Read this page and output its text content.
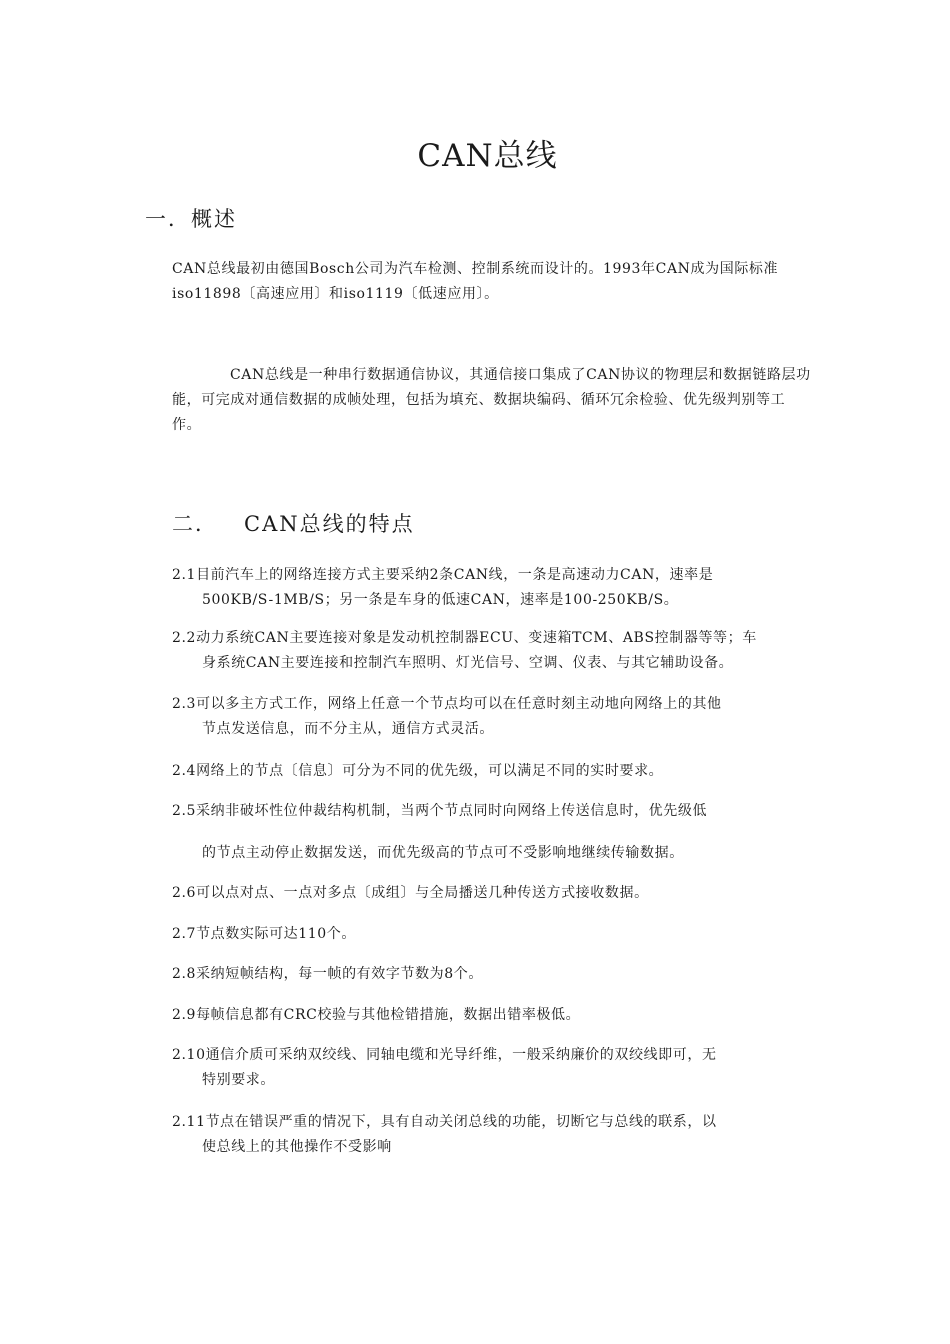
CAN总线
一．概述

CAN总线最初由德国Bosch公司为汽车检测、控制系统而设计的。1993年CAN成为国际标准iso11898〔高速应用〕和iso1119〔低速应用〕。

CAN总线是一种串行数据通信协议，其通信接口集成了CAN协议的物理层和数据链路层功能，可完成对通信数据的成帧处理，包括为填充、数据块编码、循环冗余检验、优先级判别等工作。

二． CAN总线的特点

2.1目前汽车上的网络连接方式主要采纳2条CAN线，一条是高速动力CAN，速率是
500KB/S-1MB/S；另一条是车身的低速CAN，速率是100-250KB/S。

2.2动力系统CAN主要连接对象是发动机控制器ECU、变速箱TCM、ABS控制器等等；车
身系统CAN主要连接和控制汽车照明、灯光信号、空调、仪表、与其它辅助设备。

2.3可以多主方式工作，网络上任意一个节点均可以在任意时刻主动地向网络上的其他
节点发送信息，而不分主从，通信方式灵活。

2.4网络上的节点〔信息〕可分为不同的优先级，可以满足不同的实时要求。

2.5采纳非破坏性位仲裁结构机制，当两个节点同时向网络上传送信息时，优先级低

的节点主动停止数据发送，而优先级高的节点可不受影响地继续传输数据。

2.6可以点对点、一点对多点〔成组〕与全局播送几种传送方式接收数据。

2.7节点数实际可达110个。

2.8采纳短帧结构，每一帧的有效字节数为8个。

2.9每帧信息都有CRC校验与其他检错措施，数据出错率极低。

2.10通信介质可采纳双绞线、同轴电缆和光导纤维，一般采纳廉价的双绞线即可，无
特别要求。

2.11节点在错误严重的情况下，具有自动关闭总线的功能，切断它与总线的联系，以
使总线上的其他操作不受影响
